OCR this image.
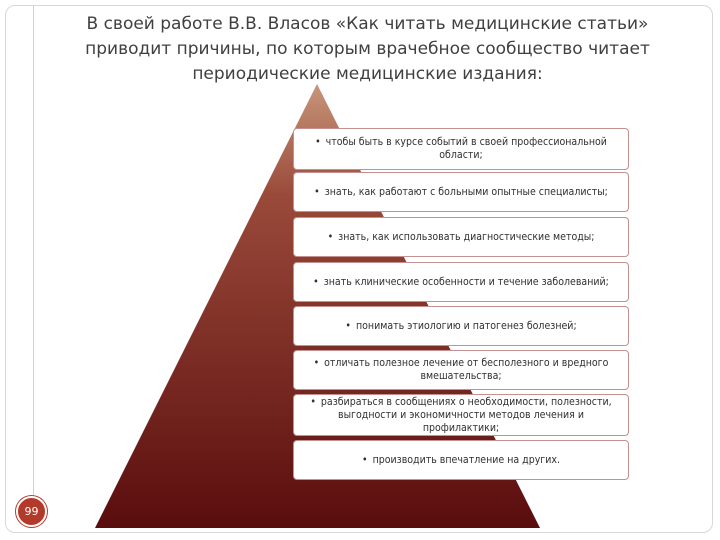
В своей работе В.В. Власов «Как читать медицинские статьи» приводит причины, по которым врачебное сообщество читает периодические медицинские издания:
• чтобы быть в курсе событий в своей профессиональной области;
• знать, как работают с больными опытные специалисты;
• знать, как использовать диагностические методы;
• знать клинические особенности и течение заболеваний;
• понимать этиологию и патогенез болезней;
• отличать полезное лечение от бесполезного и вредного вмешательства;
• разбираться в сообщениях о необходимости, полезности, выгодности и экономичности методов лечения и профилактики;
• производить впечатление на других.
99
